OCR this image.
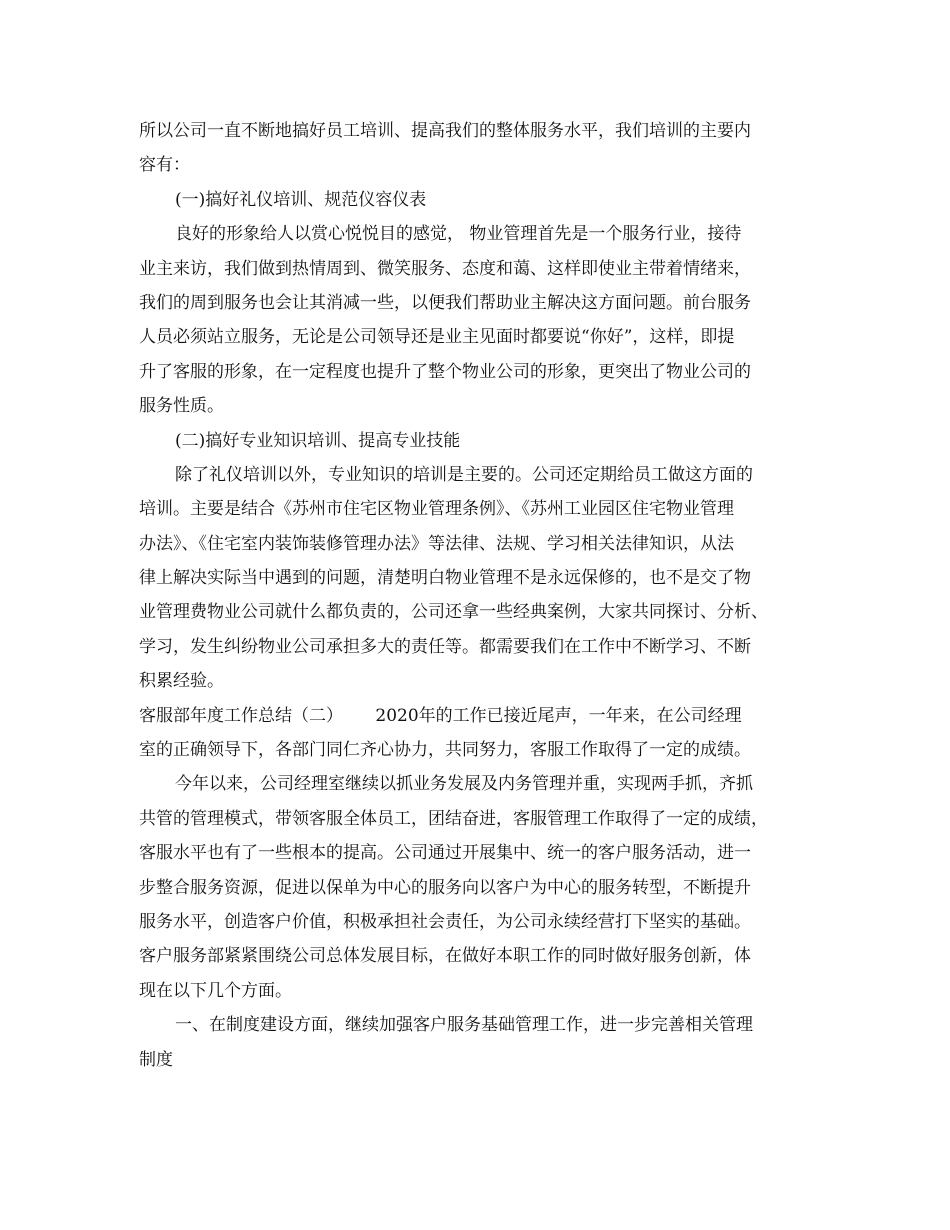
所以公司一直不断地搞好员工培训、提高我们的整体服务水平，我们培训的主要内
容有：
(一)搞好礼仪培训、规范仪容仪表
良好的形象给人以赏心悦悦目的感觉， 物业管理首先是一个服务行业，接待
业主来访，我们做到热情周到、微笑服务、态度和蔼、这样即使业主带着情绪来，
我们的周到服务也会让其消减一些，以便我们帮助业主解决这方面问题。前台服务
人员必须站立服务，无论是公司领导还是业主见面时都要说“你好”，这样，即提
升了客服的形象，在一定程度也提升了整个物业公司的形象，更突出了物业公司的
服务性质。
(二)搞好专业知识培训、提高专业技能
除了礼仪培训以外，专业知识的培训是主要的。公司还定期给员工做这方面的
培训。主要是结合《苏州市住宅区物业管理条例》、《苏州工业园区住宅物业管理
办法》、《住宅室内装饰装修管理办法》等法律、法规、学习相关法律知识，从法
律上解决实际当中遇到的问题，清楚明白物业管理不是永远保修的，也不是交了物
业管理费物业公司就什么都负责的，公司还拿一些经典案例，大家共同探讨、分析、
学习，发生纠纷物业公司承担多大的责任等。都需要我们在工作中不断学习、不断
积累经验。
客服部年度工作总结（二）      2020年的工作已接近尾声，一年来，在公司经理
室的正确领导下，各部门同仁齐心协力，共同努力，客服工作取得了一定的成绩。
今年以来，公司经理室继续以抓业务发展及内务管理并重，实现两手抓，齐抓
共管的管理模式，带领客服全体员工，团结奋进，客服管理工作取得了一定的成绩，
客服水平也有了一些根本的提高。公司通过开展集中、统一的客户服务活动，进一
步整合服务资源，促进以保单为中心的服务向以客户为中心的服务转型，不断提升
服务水平，创造客户价值，积极承担社会责任，为公司永续经营打下坚实的基础。
客户服务部紧紧围绕公司总体发展目标，在做好本职工作的同时做好服务创新，体
现在以下几个方面。
一、在制度建设方面，继续加强客户服务基础管理工作，进一步完善相关管理
制度
